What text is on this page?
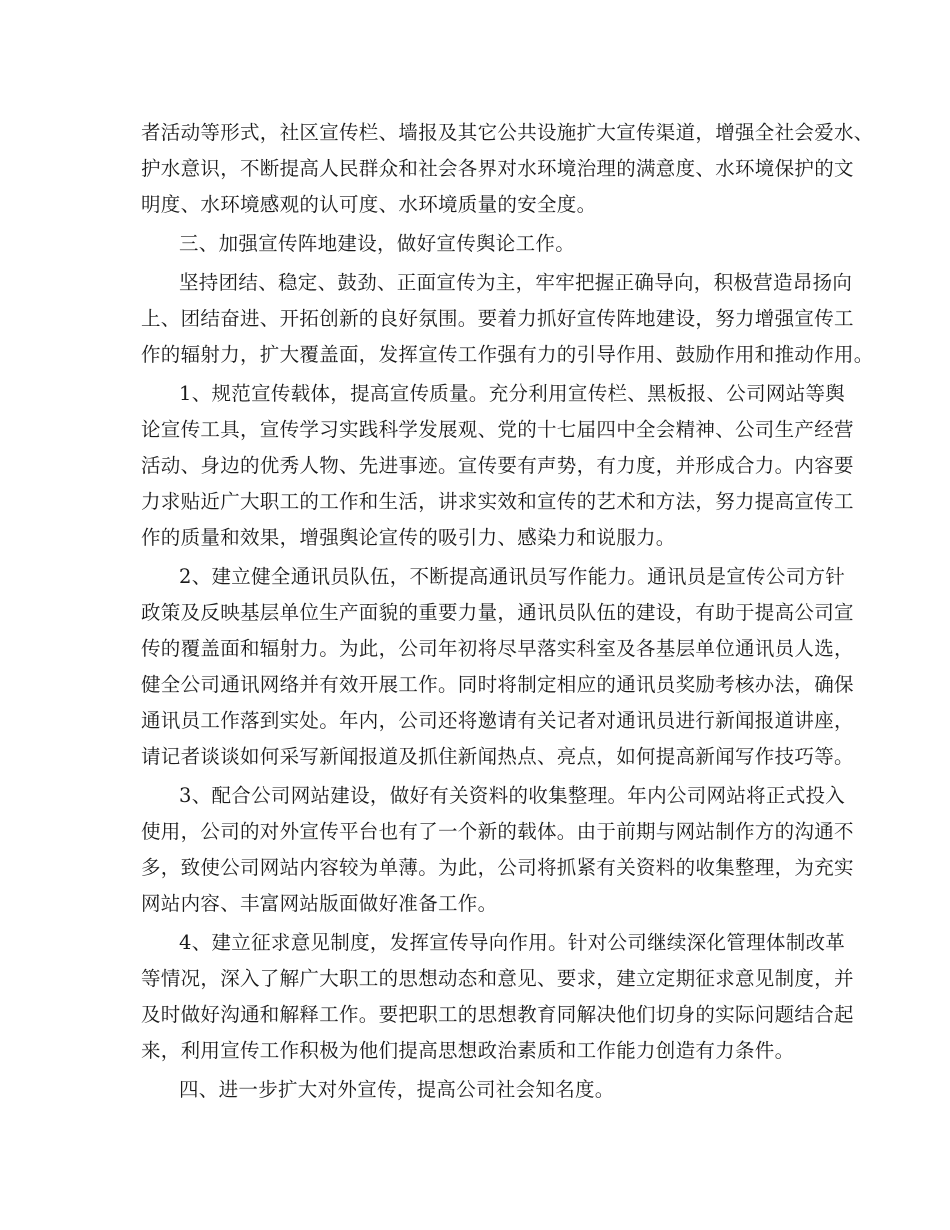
者活动等形式，社区宣传栏、墙报及其它公共设施扩大宣传渠道，增强全社会爱水、
护水意识，不断提高人民群众和社会各界对水环境治理的满意度、水环境保护的文
明度、水环境感观的认可度、水环境质量的安全度。
三、加强宣传阵地建设，做好宣传舆论工作。
坚持团结、稳定、鼓劲、正面宣传为主，牢牢把握正确导向，积极营造昂扬向
上、团结奋进、开拓创新的良好氛围。要着力抓好宣传阵地建设，努力增强宣传工
作的辐射力，扩大覆盖面，发挥宣传工作强有力的引导作用、鼓励作用和推动作用。
1、规范宣传载体，提高宣传质量。充分利用宣传栏、黑板报、公司网站等舆
论宣传工具，宣传学习实践科学发展观、党的十七届四中全会精神、公司生产经营
活动、身边的优秀人物、先进事迹。宣传要有声势，有力度，并形成合力。内容要
力求贴近广大职工的工作和生活，讲求实效和宣传的艺术和方法，努力提高宣传工
作的质量和效果，增强舆论宣传的吸引力、感染力和说服力。
2、建立健全通讯员队伍，不断提高通讯员写作能力。通讯员是宣传公司方针
政策及反映基层单位生产面貌的重要力量，通讯员队伍的建设，有助于提高公司宣
传的覆盖面和辐射力。为此，公司年初将尽早落实科室及各基层单位通讯员人选，
健全公司通讯网络并有效开展工作。同时将制定相应的通讯员奖励考核办法，确保
通讯员工作落到实处。年内，公司还将邀请有关记者对通讯员进行新闻报道讲座，
请记者谈谈如何采写新闻报道及抓住新闻热点、亮点，如何提高新闻写作技巧等。
3、配合公司网站建设，做好有关资料的收集整理。年内公司网站将正式投入
使用，公司的对外宣传平台也有了一个新的载体。由于前期与网站制作方的沟通不
多，致使公司网站内容较为单薄。为此，公司将抓紧有关资料的收集整理，为充实
网站内容、丰富网站版面做好准备工作。
4、建立征求意见制度，发挥宣传导向作用。针对公司继续深化管理体制改革
等情况，深入了解广大职工的思想动态和意见、要求，建立定期征求意见制度，并
及时做好沟通和解释工作。要把职工的思想教育同解决他们切身的实际问题结合起
来，利用宣传工作积极为他们提高思想政治素质和工作能力创造有力条件。
四、进一步扩大对外宣传，提高公司社会知名度。
